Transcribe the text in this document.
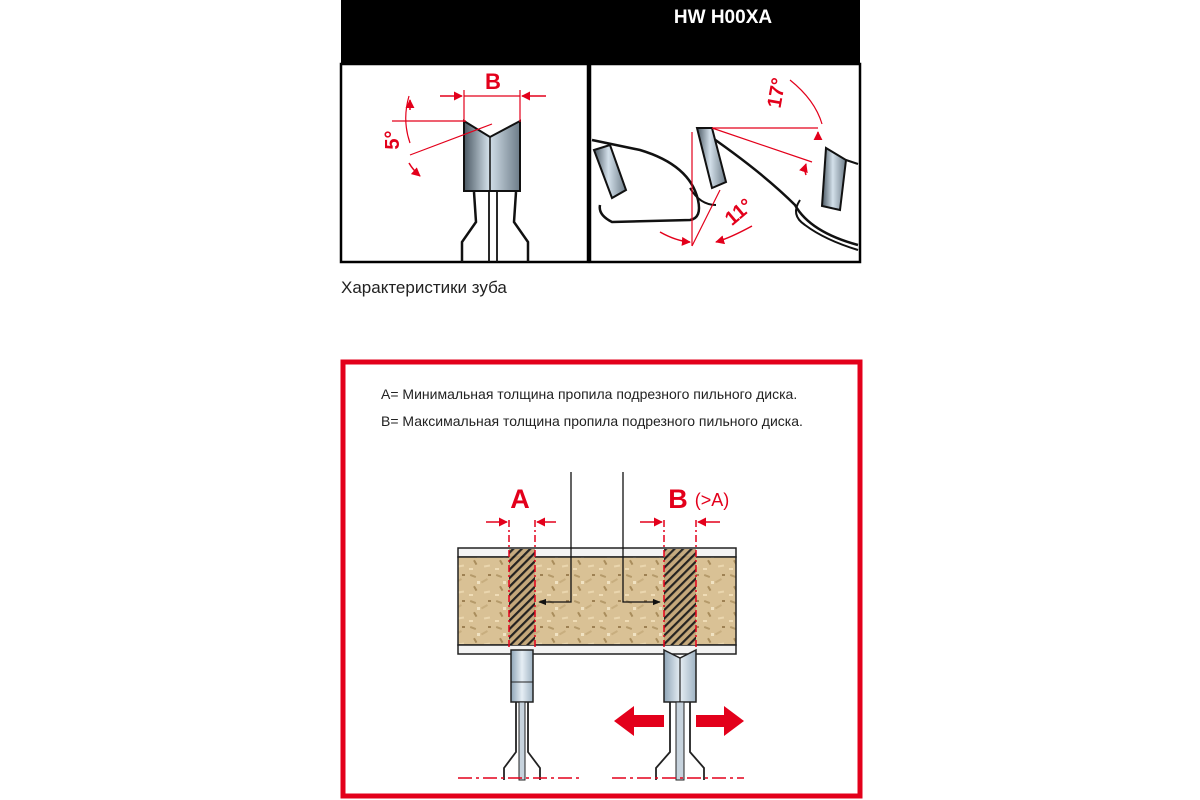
HW H00XA
B
5°
17°
11°
Характеристики зуба
A= Минимальная толщина пропила подрезного пильного диска.
B= Максимальная толщина пропила подрезного пильного диска.
A	B (>A)
